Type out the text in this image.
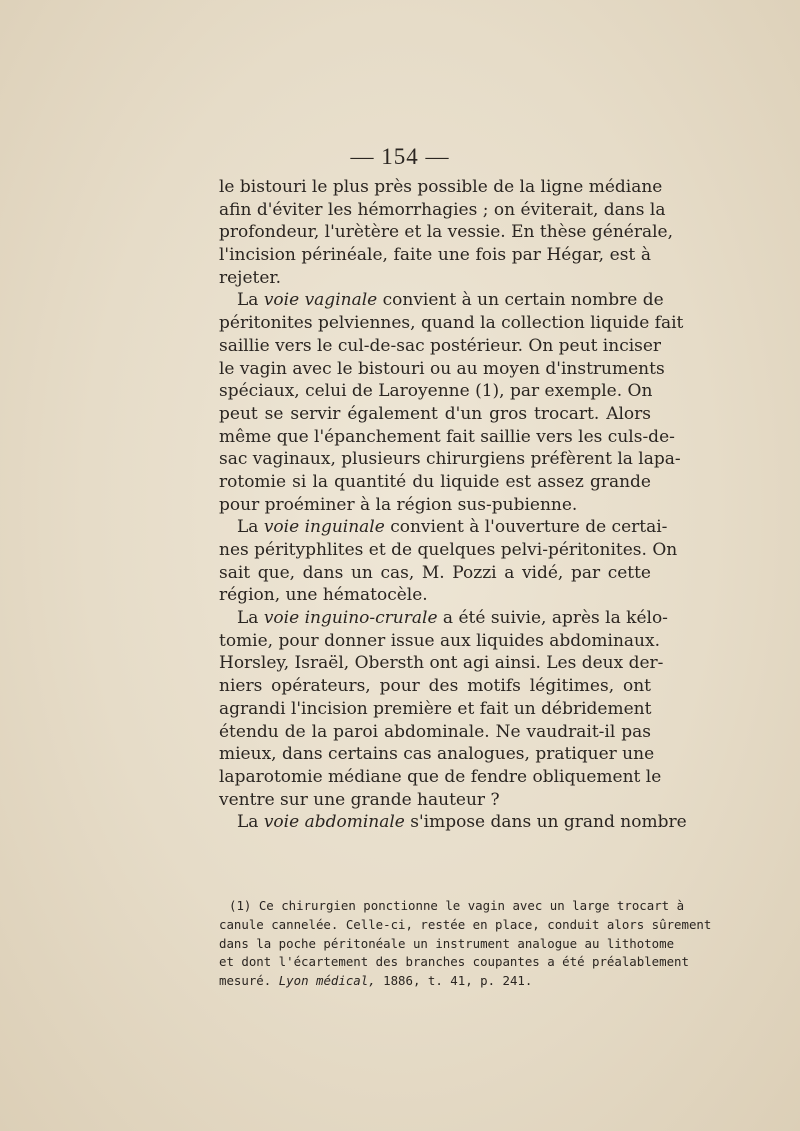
— 154 —
le bistouri le plus près possible de la ligne médiane
afin d'éviter les hémorrhagies ; on éviterait, dans la
profondeur, l'urètère et la vessie. En thèse générale,
l'incision périnéale, faite une fois par Hégar, est à
rejeter.
La voie vaginale convient à un certain nombre de
péritonites pelviennes, quand la collection liquide fait
saillie vers le cul-de-sac postérieur. On peut inciser
le vagin avec le bistouri ou au moyen d'instruments
spéciaux, celui de Laroyenne (1), par exemple. On
peut se servir également d'un gros trocart. Alors
même que l'épanchement fait saillie vers les culs-de-
sac vaginaux, plusieurs chirurgiens préfèrent la lapa-
rotomie si la quantité du liquide est assez grande
pour proéminer à la région sus-pubienne.
La voie inguinale convient à l'ouverture de certai-
nes pérityphlites et de quelques pelvi-péritonites. On
sait que, dans un cas, M. Pozzi a vidé, par cette
région, une hématocèle.
La voie inguino-crurale a été suivie, après la kélo-
tomie, pour donner issue aux liquides abdominaux.
Horsley, Israël, Obersth ont agi ainsi. Les deux der-
niers opérateurs, pour des motifs légitimes, ont
agrandi l'incision première et fait un débridement
étendu de la paroi abdominale. Ne vaudrait-il pas
mieux, dans certains cas analogues, pratiquer une
laparotomie médiane que de fendre obliquement le
ventre sur une grande hauteur ?
La voie abdominale s'impose dans un grand nombre
(1) Ce chirurgien ponctionne le vagin avec un large trocart à
canule cannelée. Celle-ci, restée en place, conduit alors sûrement
dans la poche péritonéale un instrument analogue au lithotome
et dont l'écartement des branches coupantes a été préalablement
mesuré. Lyon médical, 1886, t. 41, p. 241.
